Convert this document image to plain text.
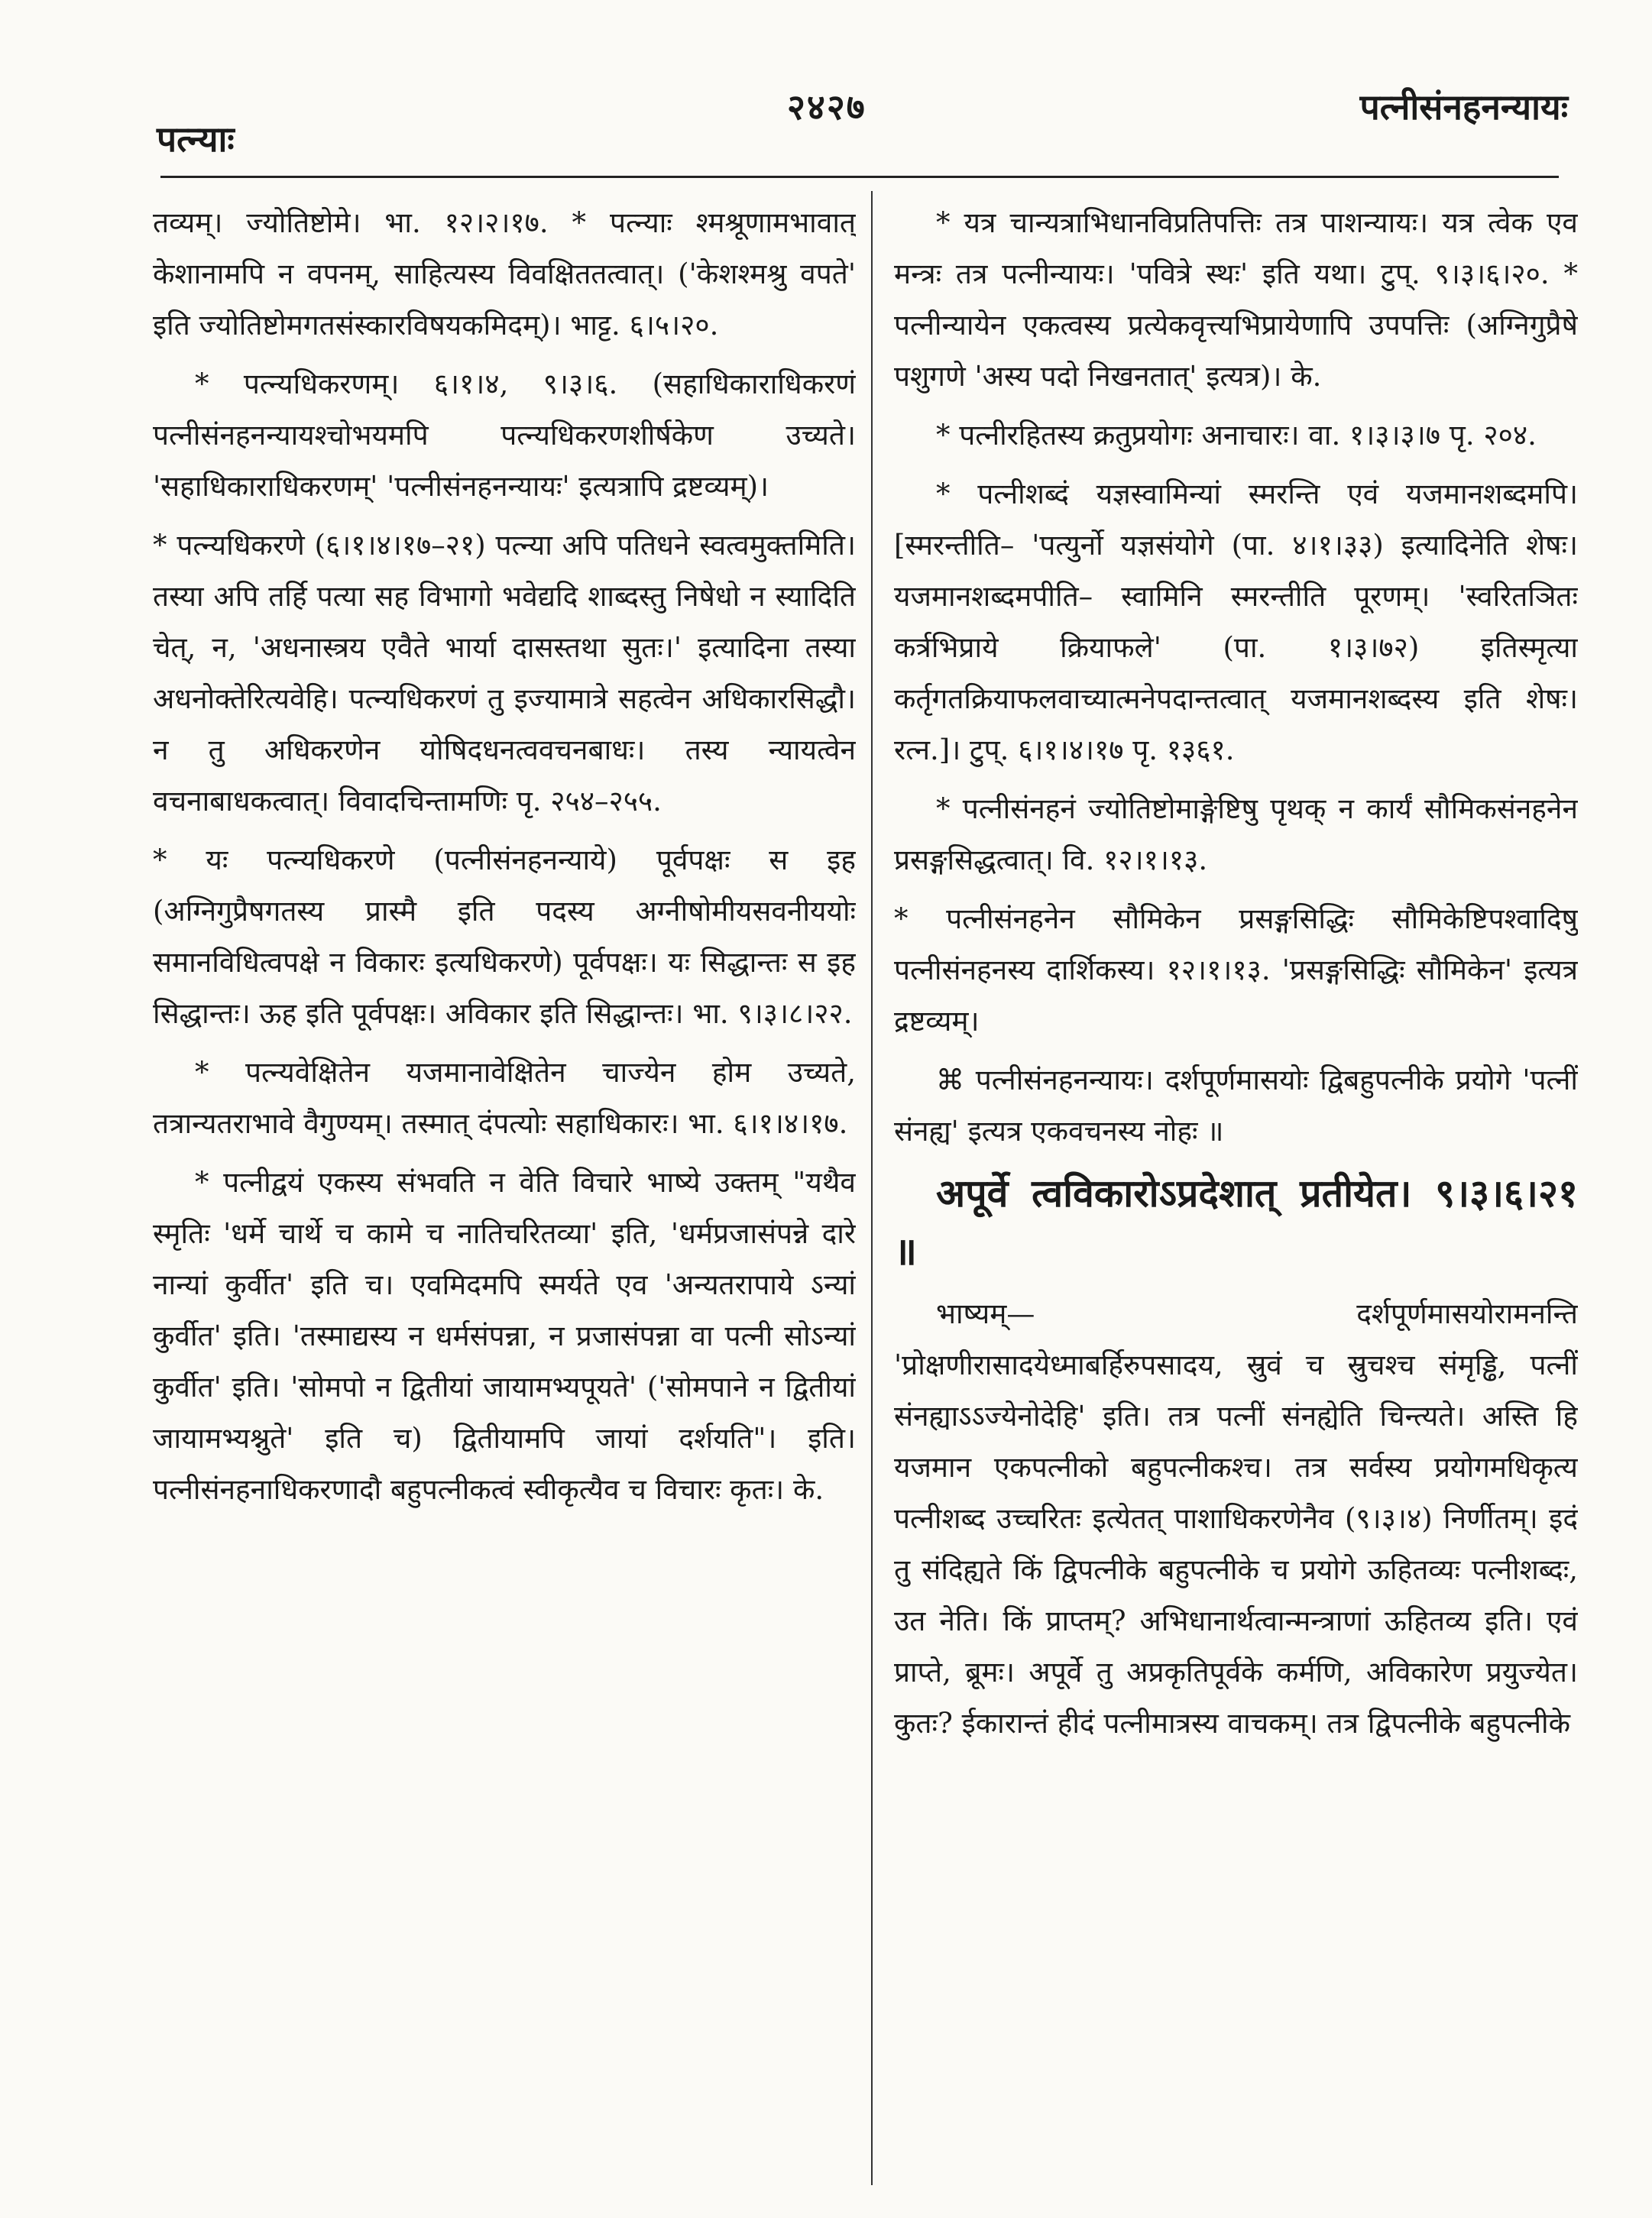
पत्न्याः
२४२७	पत्नीसंनहनन्यायः

तव्यम्। ज्योतिष्टोमे। भा. १२।२।१७. * पत्न्याः श्मश्रूणामभावात् केशानामपि न वपनम्, साहित्यस्य विवक्षिततत्वात्। ('केशश्मश्रु वपते' इति ज्योतिष्टोमगतसंस्कारविषयकमिदम्)। भाट्ट. ६।५।२०.

* पत्न्यधिकरणम्। ६।१।४, ९।३।६. (सहाधिकाराधिकरणं पत्नीसंनहनन्यायश्चोभयमपि पत्न्यधिकरणशीर्षकेण उच्यते। 'सहाधिकाराधिकरणम्' 'पत्नीसंनहनन्यायः' इत्यत्रापि द्रष्टव्यम्)।

* पत्न्यधिकरणे (६।१।४।१७–२१) पत्न्या अपि पतिधने स्वत्वमुक्तमिति। तस्या अपि तर्हि पत्या सह विभागो भवेद्यदि शाब्दस्तु निषेधो न स्यादिति चेत्, न, 'अधनास्त्रय एवैते भार्या दासस्तथा सुतः।' इत्यादिना तस्या अधनोक्तेरित्यवेहि। पत्न्यधिकरणं तु इज्यामात्रे सहत्वेन अधिकारसिद्धौ। न तु अधिकरणेन योषिदधनत्ववचनबाधः। तस्य न्यायत्वेन वचनाबाधकत्वात्। विवादचिन्तामणिः पृ. २५४–२५५.

* यः पत्न्यधिकरणे (पत्नीसंनहनन्याये) पूर्वपक्षः स इह (अग्निगुप्रैषगतस्य प्रास्मै इति पदस्य अग्नीषोमीयसवनीययोः समानविधित्वपक्षे न विकारः इत्यधिकरणे) पूर्वपक्षः। यः सिद्धान्तः स इह सिद्धान्तः। ऊह इति पूर्वपक्षः। अविकार इति सिद्धान्तः। भा. ९।३।८।२२.

* पत्न्यवेक्षितेन यजमानावेक्षितेन चाज्येन होम उच्यते, तत्रान्यतराभावे वैगुण्यम्। तस्मात् दंपत्योः सहाधिकारः। भा. ६।१।४।१७.

* पत्नीद्वयं एकस्य संभवति न वेति विचारे भाष्ये उक्तम् "यथैव स्मृतिः 'धर्मे चार्थे च कामे च नातिचरितव्या' इति, 'धर्मप्रजासंपन्ने दारे नान्यां कुर्वीत' इति च। एवमिदमपि स्मर्यते एव 'अन्यतरापाये ऽन्यां कुर्वीत' इति। 'तस्माद्यस्य न धर्मसंपन्ना, न प्रजासंपन्ना वा पत्नी सोऽन्यां कुर्वीत' इति। 'सोमपो न द्वितीयां जायामभ्यपूयते' ('सोमपाने न द्वितीयां जायामभ्यश्नुते' इति च) द्वितीयामपि जायां दर्शयति"। इति। पत्नीसंनहनाधिकरणादौ बहुपत्नीकत्वं स्वीकृत्यैव च विचारः कृतः। के.

* यत्र चान्यत्राभिधानविप्रतिपत्तिः तत्र पाशन्यायः। यत्र त्वेक एव मन्त्रः तत्र पत्नीन्यायः। 'पवित्रे स्थः' इति यथा। टुप्. ९।३।६।२०. * पत्नीन्यायेन एकत्वस्य प्रत्येकवृत्त्यभिप्रायेणापि उपपत्तिः (अग्निगुप्रैषे पशुगणे 'अस्य पदो निखनतात्' इत्यत्र)। के.

* पत्नीरहितस्य क्रतुप्रयोगः अनाचारः। वा. १।३।३।७ पृ. २०४.

* पत्नीशब्दं यज्ञस्वामिन्यां स्मरन्ति एवं यजमानशब्दमपि। [स्मरन्तीति– 'पत्युर्नो यज्ञसंयोगे (पा. ४।१।३३) इत्यादिनेति शेषः। यजमानशब्दमपीति– स्वामिनि स्मरन्तीति पूरणम्। 'स्वरितञितः कर्त्रभिप्राये क्रियाफले' (पा. १।३।७२) इतिस्मृत्या कर्तृगतक्रियाफलवाच्यात्मनेपदान्तत्वात् यजमानशब्दस्य इति शेषः। रत्न.]। टुप्. ६।१।४।१७ पृ. १३६१.

* पत्नीसंनहनं ज्योतिष्टोमाङ्गेष्टिषु पृथक् न कार्यं सौमिकसंनहनेन प्रसङ्गसिद्धत्वात्। वि. १२।१।१३.

* पत्नीसंनहनेन सौमिकेन प्रसङ्गसिद्धिः सौमिकेष्टिपश्वादिषु पत्नीसंनहनस्य दार्शिकस्य। १२।१।१३. 'प्रसङ्गसिद्धिः सौमिकेन' इत्यत्र द्रष्टव्यम्।

⌘ पत्नीसंनहनन्यायः। दर्शपूर्णमासयोः द्विबहुपत्नीके प्रयोगे 'पत्नीं संनह्य' इत्यत्र एकवचनस्य नोहः ॥

अपूर्वे त्वविकारोऽप्रदेशात् प्रतीयेत। ९।३।६।२१ ॥

भाष्यम्— दर्शपूर्णमासयोरामनन्ति 'प्रोक्षणीरासादयेध्माबर्हिरुपसादय, स्रुवं च स्रुचश्च संमृड्ढि, पत्नीं संनह्याऽऽज्येनोदेहि' इति। तत्र पत्नीं संनह्येति चिन्त्यते। अस्ति हि यजमान एकपत्नीको बहुपत्नीकश्च। तत्र सर्वस्य प्रयोगमधिकृत्य पत्नीशब्द उच्चरितः इत्येतत् पाशाधिकरणेनैव (९।३।४) निर्णीतम्। इदं तु संदिह्यते किं द्विपत्नीके बहुपत्नीके च प्रयोगे ऊहितव्यः पत्नीशब्दः, उत नेति। किं प्राप्तम्? अभिधानार्थत्वान्मन्त्राणां ऊहितव्य इति। एवं प्राप्ते, ब्रूमः। अपूर्वे तु अप्रकृतिपूर्वके कर्मणि, अविकारेण प्रयुज्येत। कुतः? ईकारान्तं हीदं पत्नीमात्रस्य वाचकम्। तत्र द्विपत्नीके बहुपत्नीके
